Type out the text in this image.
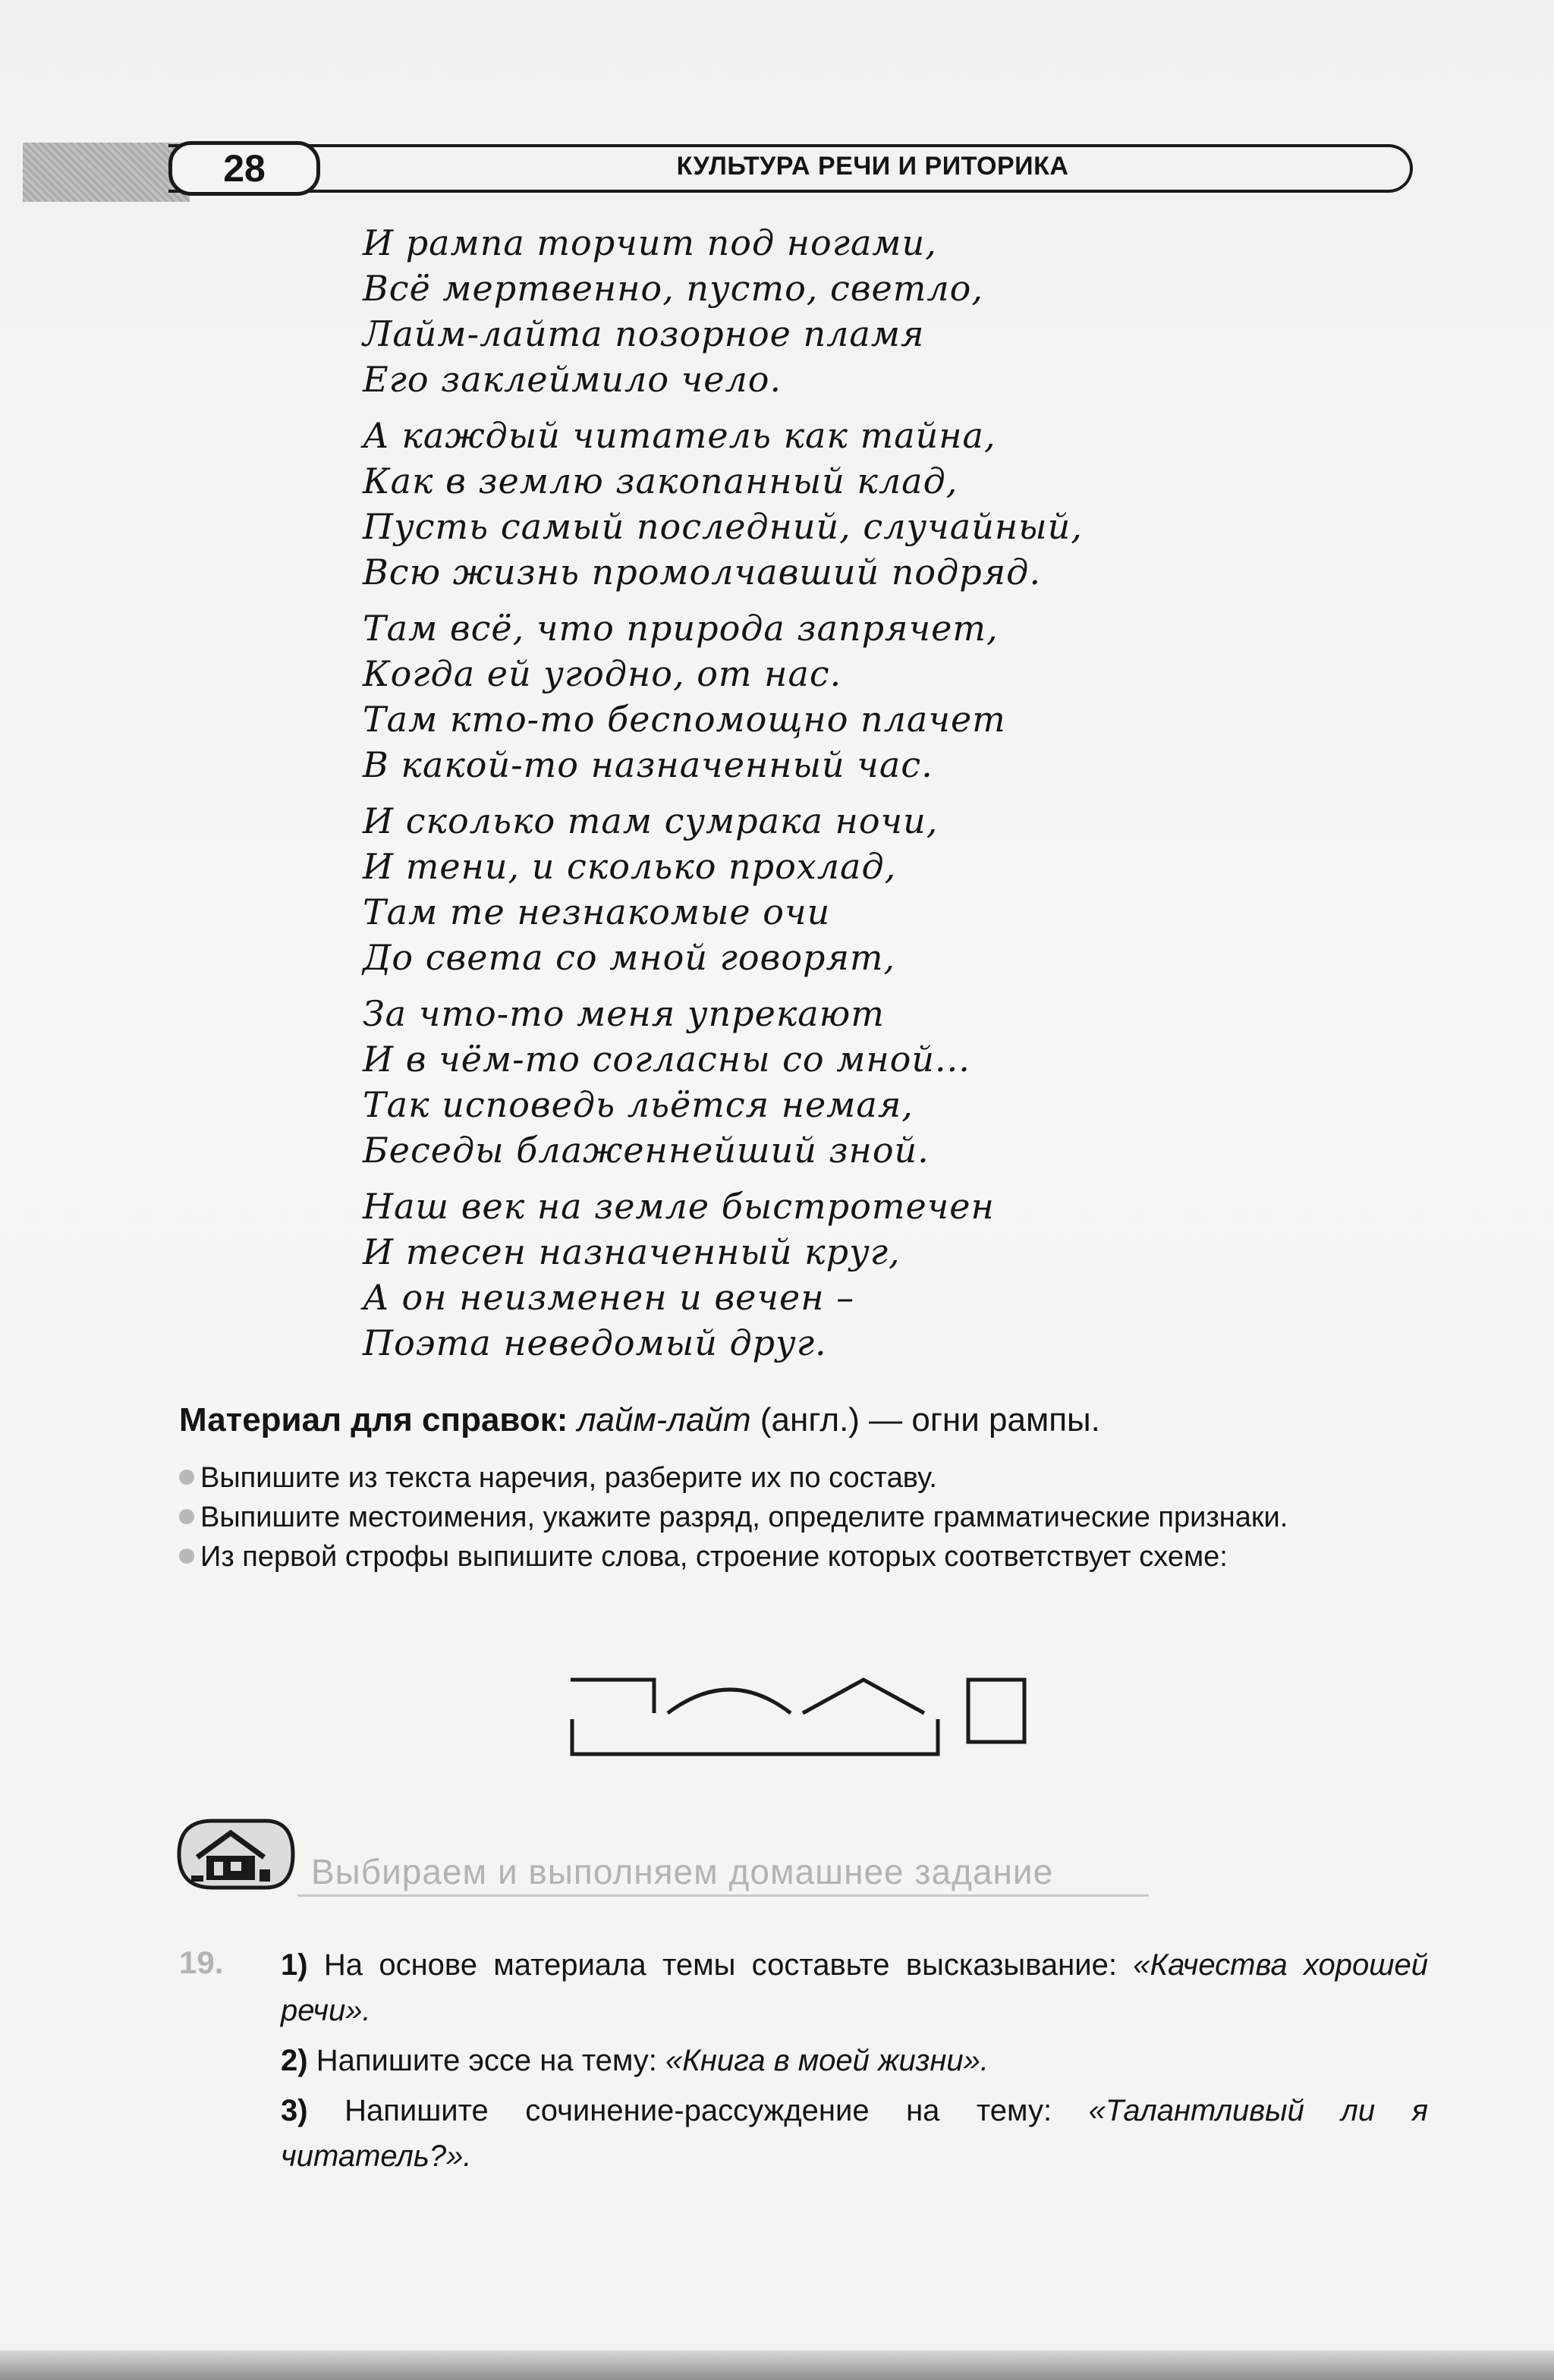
28	КУЛЬТУРА РЕЧИ И РИТОРИКА
И рампа торчит под ногами,
Всё мертвенно, пусто, светло,
Лайм-лайта позорное пламя
Его заклеймило чело.
А каждый читатель как тайна,
Как в землю закопанный клад,
Пусть самый последний, случайный,
Всю жизнь промолчавший подряд.
Там всё, что природа запрячет,
Когда ей угодно, от нас.
Там кто-то беспомощно плачет
В какой-то назначенный час.
И сколько там сумрака ночи,
И тени, и сколько прохлад,
Там те незнакомые очи
До света со мной говорят,
За что-то меня упрекают
И в чём-то согласны со мной...
Так исповедь льётся немая,
Беседы блаженнейший зной.
Наш век на земле быстротечен
И тесен назначенный круг,
А он неизменен и вечен –
Поэта неведомый друг.
Материал для справок: лайм-лайт (англ.) — огни рампы.
Выпишите из текста наречия, разберите их по составу.
Выпишите местоимения, укажите разряд, определите грамматические признаки.
Из первой строфы выпишите слова, строение которых соответствует схеме:
Выбираем и выполняем домашнее задание
19. 1) На основе материала темы составьте высказывание: «Качества хорошей речи».
2) Напишите эссе на тему: «Книга в моей жизни».
3) Напишите сочинение-рассуждение на тему: «Талантливый ли я читатель?».
